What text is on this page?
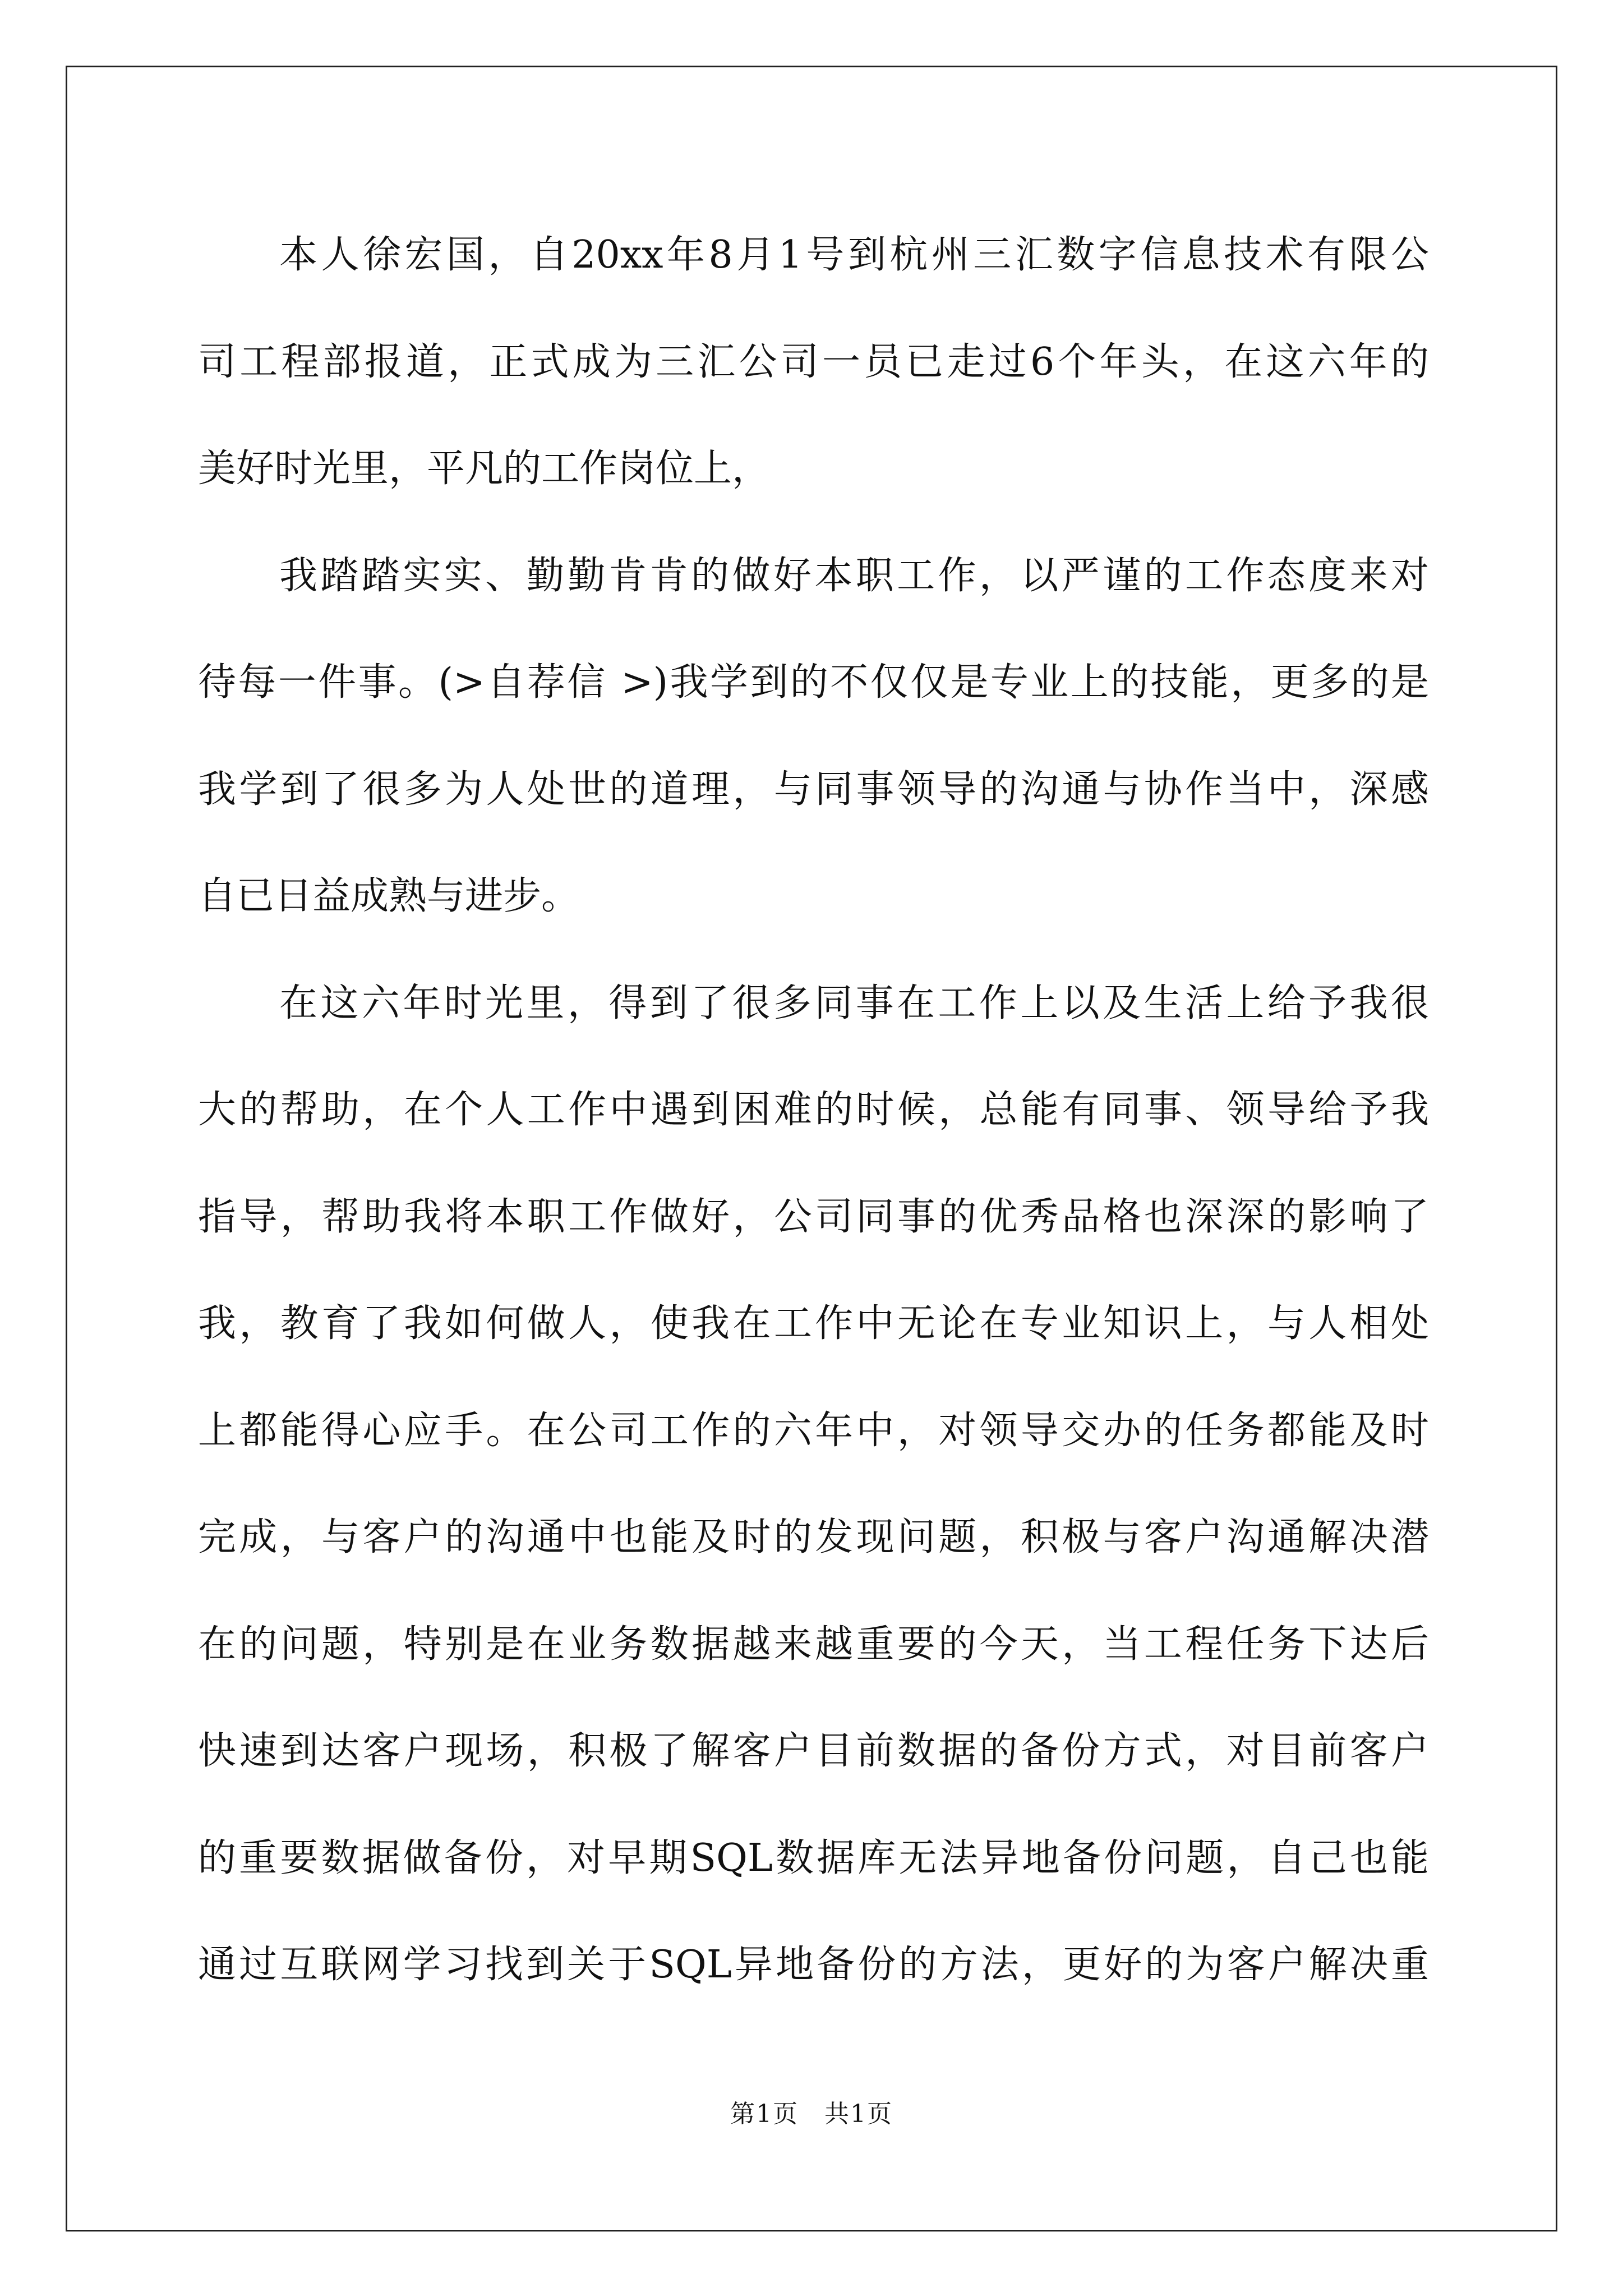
本人徐宏国，自20xx年8月1号到杭州三汇数字信息技术有限公
司工程部报道，正式成为三汇公司一员已走过6个年头，在这六年的
美好时光里，平凡的工作岗位上，
我踏踏实实、勤勤肯肯的做好本职工作，以严谨的工作态度来对
待每一件事。(>自荐信 >)我学到的不仅仅是专业上的技能，更多的是
我学到了很多为人处世的道理，与同事领导的沟通与协作当中，深感
自已日益成熟与进步。
在这六年时光里，得到了很多同事在工作上以及生活上给予我很
大的帮助，在个人工作中遇到困难的时候，总能有同事、领导给予我
指导，帮助我将本职工作做好，公司同事的优秀品格也深深的影响了
我，教育了我如何做人，使我在工作中无论在专业知识上，与人相处
上都能得心应手。在公司工作的六年中，对领导交办的任务都能及时
完成，与客户的沟通中也能及时的发现问题，积极与客户沟通解决潜
在的问题，特别是在业务数据越来越重要的今天，当工程任务下达后
快速到达客户现场，积极了解客户目前数据的备份方式，对目前客户
的重要数据做备份，对早期SQL数据库无法异地备份问题，自己也能
通过互联网学习找到关于SQL异地备份的方法，更好的为客户解决重
第1页　共1页
